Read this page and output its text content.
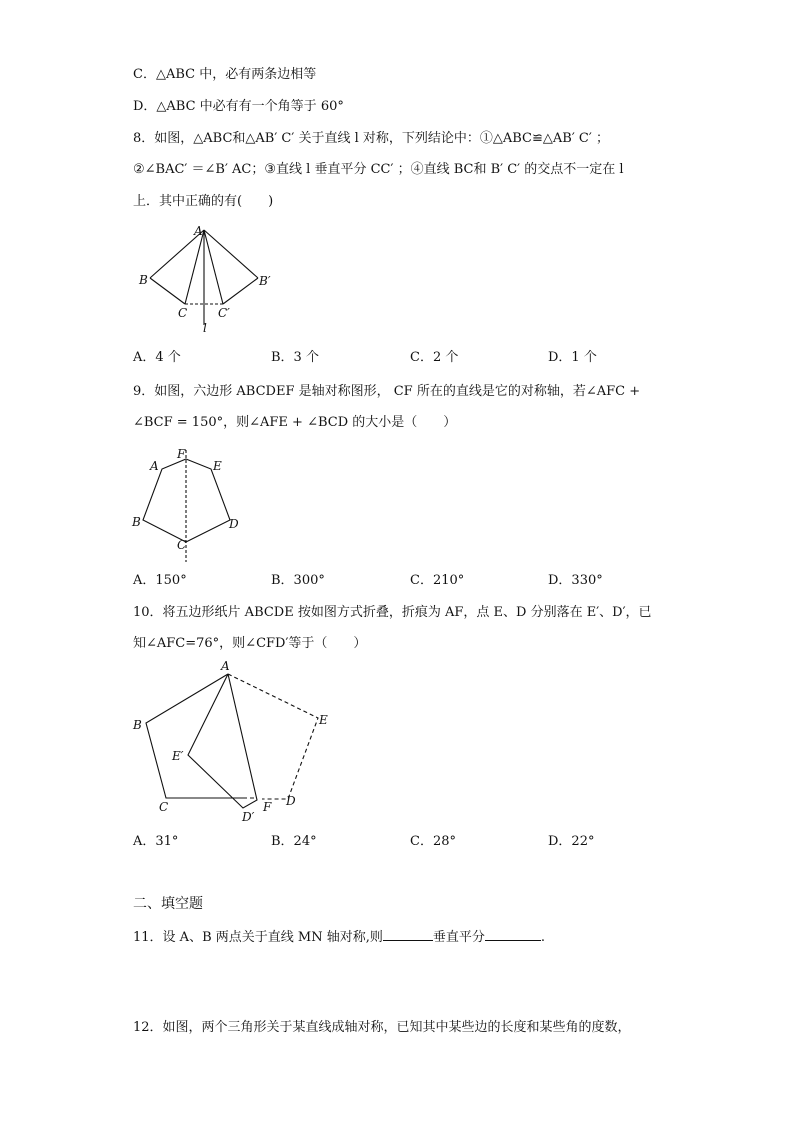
C．△ABC 中，必有两条边相等
D．△ABC 中必有有一个角等于 60°
8．如图，△ABC和△AB′ C′ 关于直线 l 对称，下列结论中：①△ABC≌△AB′ C′ ；
②∠BAC′ ＝∠B′ AC；③直线 l 垂直平分 CC′ ；④直线 BC和 B′ C′ 的交点不一定在 l
上．其中正确的有(　　)
A
B	B′
C	C′
l
A．4 个	B．3 个	C．2 个	D．1 个
9．如图，六边形 ABCDEF 是轴对称图形， CF 所在的直线是它的对称轴，若∠AFC +
∠BCF = 150°，则∠AFE + ∠BCD 的大小是（　　）
F
A	E
B	D
C
A．150°	B．300°	C．210°	D．330°
10．将五边形纸片 ABCDE 按如图方式折叠，折痕为 AF，点 E、D 分别落在 E′、D′，已
知∠AFC=76°，则∠CFD′等于（　　）
A
B	E
E′
C	D
F
D′
A．31°	B．24°	C．28°	D．22°
二、填空题
11．设 A、B 两点关于直线 MN 轴对称,则	垂直平分	.
12．如图，两个三角形关于某直线成轴对称，已知其中某些边的长度和某些角的度数，
